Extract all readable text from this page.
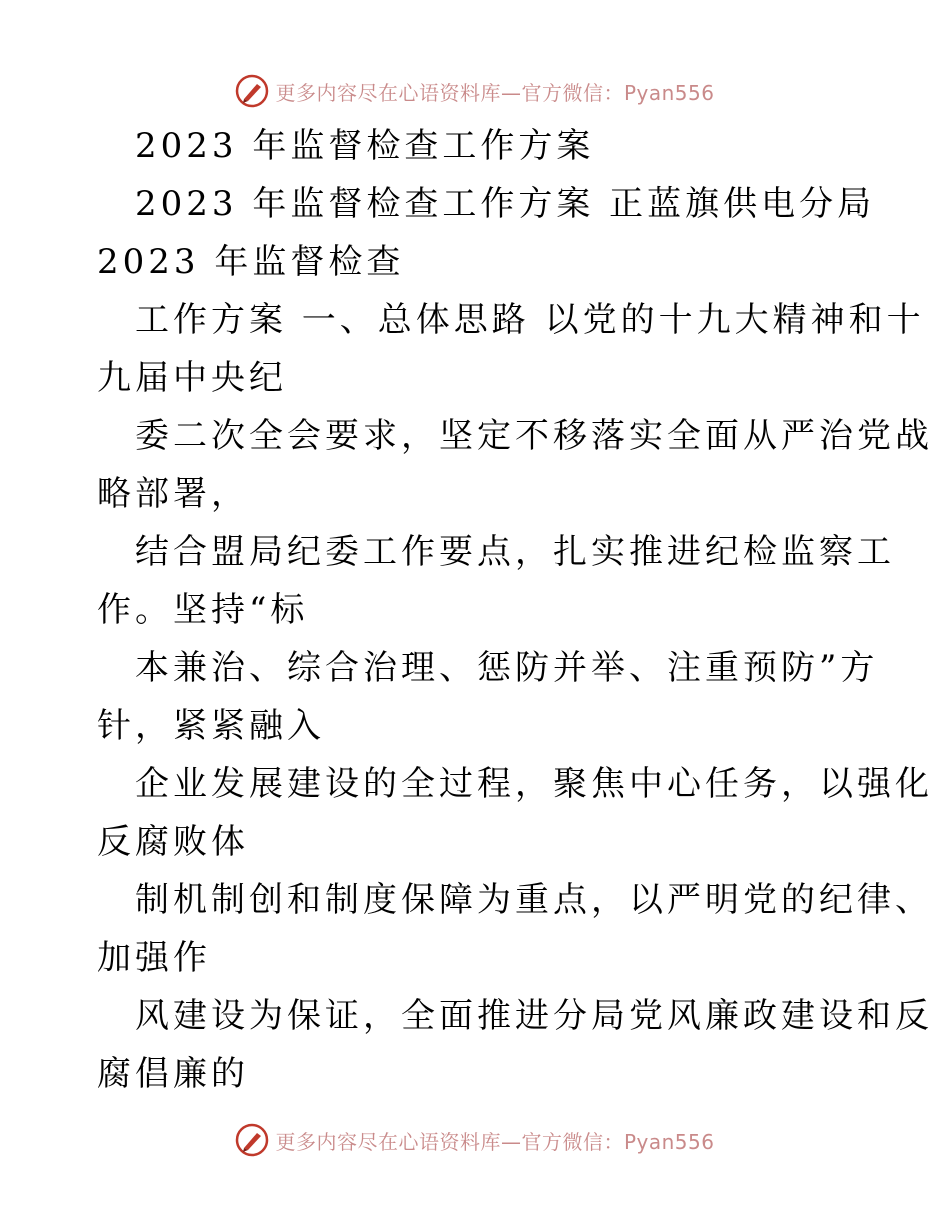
更多内容尽在心语资料库—官方微信：Pyan556
2023 年监督检查工作方案
2023 年监督检查工作方案 正蓝旗供电分局
2023 年监督检查
工作方案 一、总体思路 以党的十九大精神和十
九届中央纪
委二次全会要求，坚定不移落实全面从严治党战
略部署，
结合盟局纪委工作要点，扎实推进纪检监察工
作。坚持“标
本兼治、综合治理、惩防并举、注重预防”方
针，紧紧融入
企业发展建设的全过程，聚焦中心任务，以强化
反腐败体
制机制创和制度保障为重点，以严明党的纪律、
加强作
风建设为保证，全面推进分局党风廉政建设和反
腐倡廉的
更多内容尽在心语资料库—官方微信：Pyan556
